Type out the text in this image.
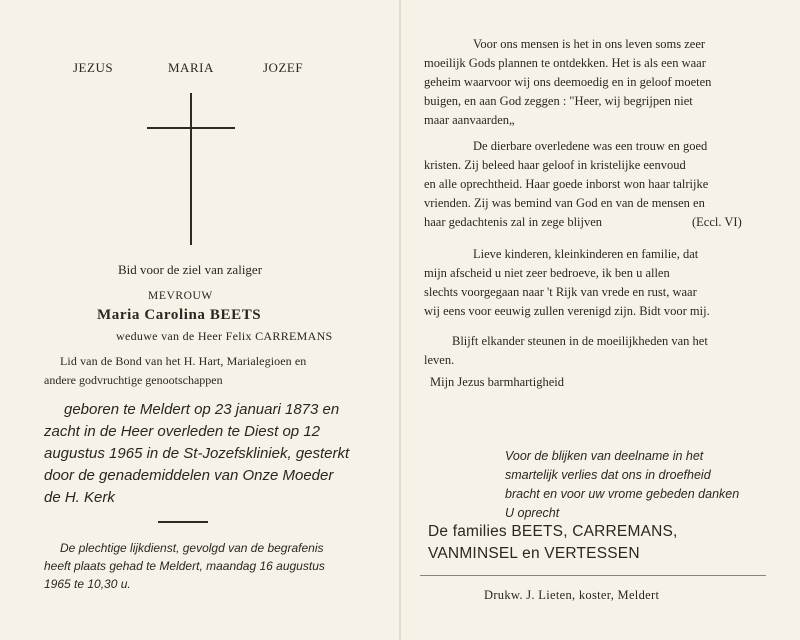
JEZUS	MARIA	JOZEF
Bid voor de ziel van zaliger
MEVROUW
Maria Carolina BEETS
weduwe van de Heer Felix CARREMANS
Lid van de Bond van het H. Hart, Marialegioen en
andere godvruchtige genootschappen
geboren te Meldert op 23 januari 1873 en
zacht in de Heer overleden te Diest op 12
augustus 1965 in de St-Jozefskliniek, gesterkt
door de genademiddelen van Onze Moeder
de H. Kerk
De plechtige lijkdienst, gevolgd van de begrafenis
heeft plaats gehad te Meldert, maandag 16 augustus
1965 te 10,30 u.
Voor ons mensen is het in ons leven soms zeer
moeilijk Gods plannen te ontdekken. Het is als een waar
geheim waarvoor wij ons deemoedig en in geloof moeten
buigen, en aan God zeggen : "Heer, wij begrijpen niet
maar aanvaarden„
De dierbare overledene was een trouw en goed
kristen. Zij beleed haar geloof in kristelijke eenvoud
en alle oprechtheid. Haar goede inborst won haar talrijke
vrienden. Zij was bemind van God en van de mensen en
haar gedachtenis zal in zege blijven	(Eccl. VI)
Lieve kinderen, kleinkinderen en familie, dat
mijn afscheid u niet zeer bedroeve, ik ben u allen
slechts voorgegaan naar 't Rijk van vrede en rust, waar
wij eens voor eeuwig zullen verenigd zijn. Bidt voor mij.
Blijft elkander steunen in de moeilijkheden van het
leven.
Mijn Jezus barmhartigheid
Voor de blijken van deelname in het
smartelijk verlies dat ons in droefheid
bracht en voor uw vrome gebeden danken
U oprecht
De families BEETS, CARREMANS,
VANMINSEL en VERTESSEN
Drukw. J. Lieten, koster, Meldert
